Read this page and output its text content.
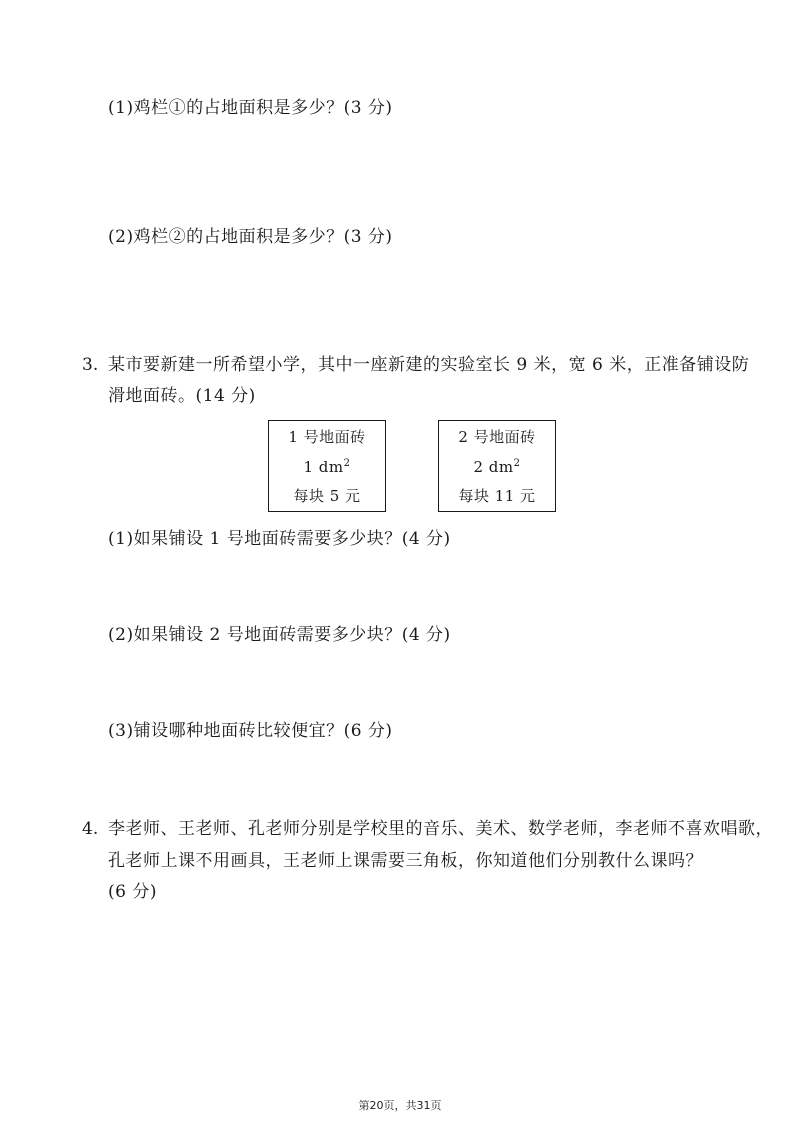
(1)鸡栏①的占地面积是多少？(3 分)
(2)鸡栏②的占地面积是多少？(3 分)
3. 某市要新建一所希望小学，其中一座新建的实验室长 9 米，宽 6 米，正准备铺设防
滑地面砖。(14 分)
1 号地面砖
1 $dm^2$
每块 5 元
2 号地面砖
2 $dm^2$
每块 11 元
(1)如果铺设 1 号地面砖需要多少块？(4 分)
(2)如果铺设 2 号地面砖需要多少块？(4 分)
(3)铺设哪种地面砖比较便宜？(6 分)
4. 李老师、王老师、孔老师分别是学校里的音乐、美术、数学老师，李老师不喜欢唱歌，
孔老师上课不用画具，王老师上课需要三角板，你知道他们分别教什么课吗？
(6 分)
第20页，共31页
